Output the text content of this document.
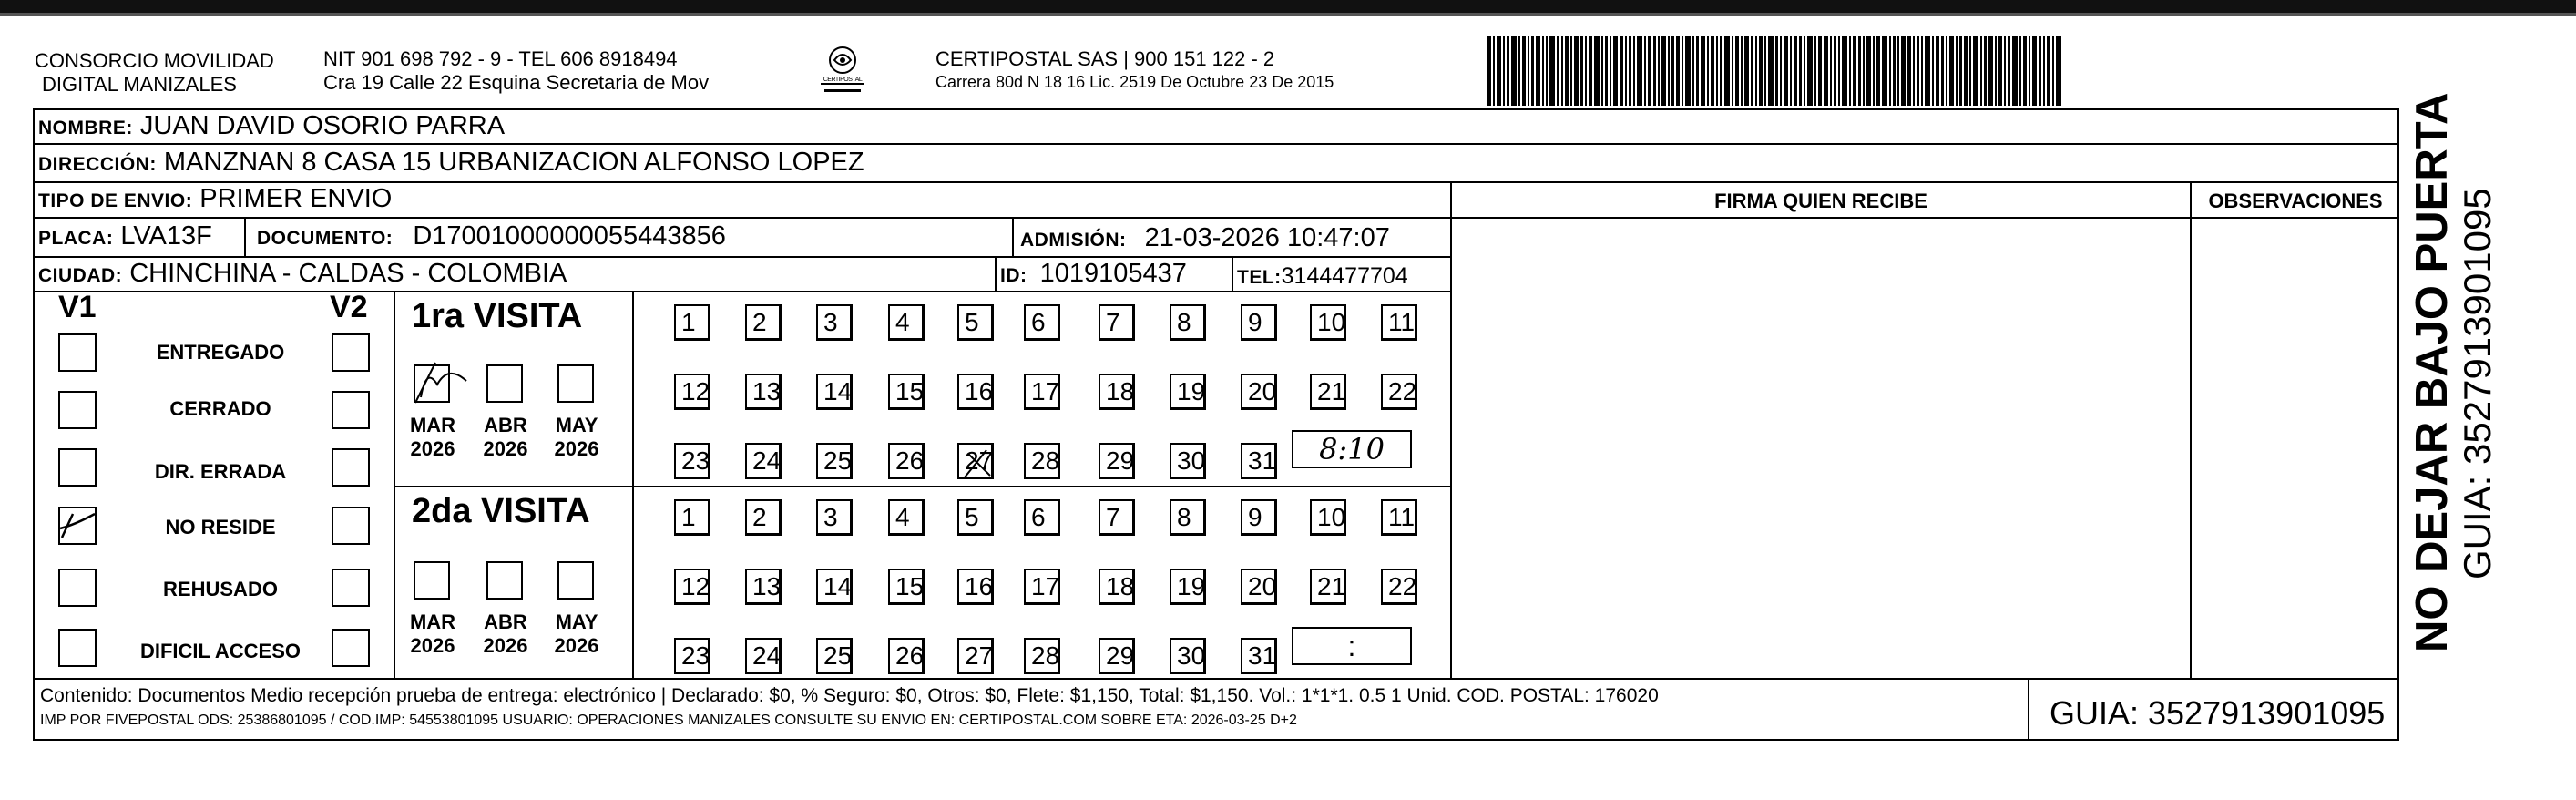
CONSORCIO MOVILIDAD
DIGITAL MANIZALES
NIT 901 698 792 - 9 - TEL 606 8918494
Cra 19 Calle 22 Esquina Secretaria de Mov	CERTIPOSTAL
CERTIPOSTAL SAS | 900 151 122 - 2
Carrera 80d N 18 16 Lic. 2519 De Octubre 23 De 2015
NOMBRE: JUAN DAVID OSORIO PARRA
DIRECCIÓN: MANZNAN 8 CASA 15 URBANIZACION ALFONSO LOPEZ
TIPO DE ENVIO: PRIMER ENVIO
PLACA: LVA13F DOCUMENTO: D17001000000055443856	ADMISIÓN: 21-03-2026 10:47:07
CIUDAD: CHINCHINA - CALDAS - COLOMBIA	ID: 1019105437	TEL:3144477704
FIRMA QUIEN RECIBE	OBSERVACIONES
V1	V2
ENTREGADO
CERRADO
DIR. ERRADA
NO RESIDE
REHUSADO
DIFICIL ACCESO
1ra VISITA
MAR
2026
ABR
2026
MAY
2026
2da VISITA
MAR
2026
ABR
2026
MAY
2026
1	2	3	4	5	6	7	8	9	10 11
12 13 14 15 16 17 18 19 20 21 22
23 24 25 26 27 28 29 30 31
1	2	3	4	5	6	7	8	9	10 11
12 13 14 15 16 17 18 19 20 21 22
23 24 25 26 27 28 29 30 31
8:10
:
Contenido: Documentos Medio recepción prueba de entrega: electrónico | Declarado: $0, % Seguro: $0, Otros: $0, Flete: $1,150, Total: $1,150. Vol.: 1*1*1. 0.5 1 Unid. COD. POSTAL: 176020
IMP POR FIVEPOSTAL ODS: 25386801095 / COD.IMP: 54553801095 USUARIO: OPERACIONES MANIZALES CONSULTE SU ENVIO EN: CERTIPOSTAL.COM SOBRE ETA: 2026-03-25 D+2	GUIA: 3527913901095
NO DEJAR BAJO PUERTA GUIA: 3527913901095
